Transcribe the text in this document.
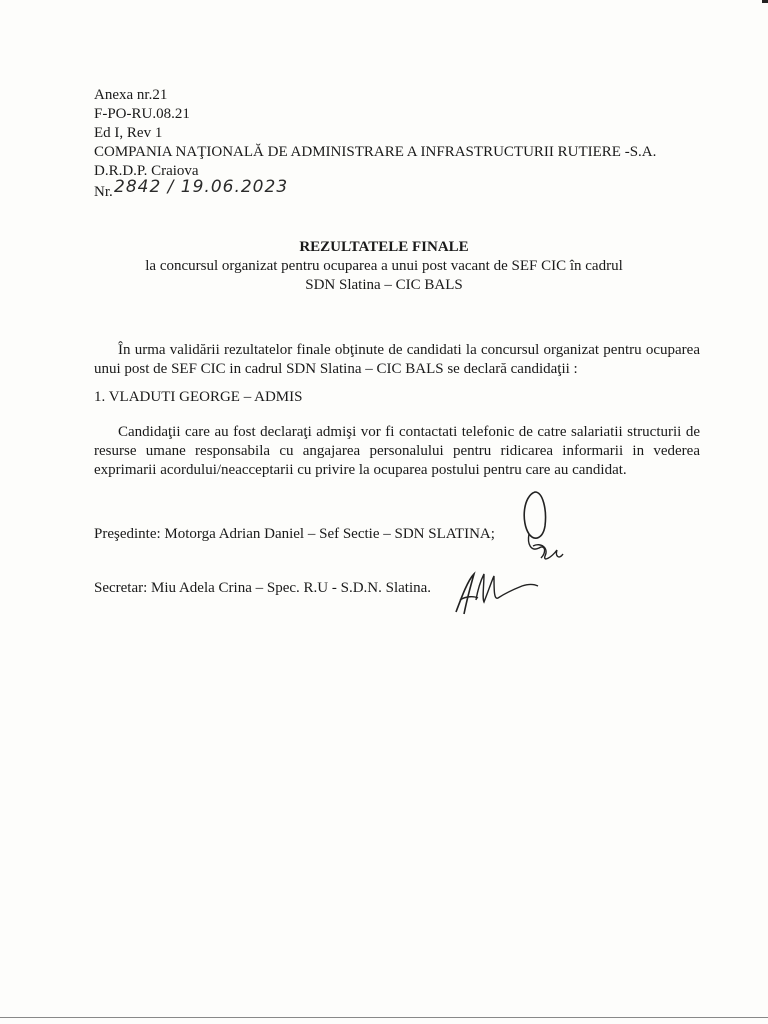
Anexa nr.21
F-PO-RU.08.21
Ed I, Rev 1
COMPANIA NAŢIONALĂ DE ADMINISTRARE A INFRASTRUCTURII RUTIERE -S.A.
D.R.D.P. Craiova
Nr. 2842 / 19.06.2023
REZULTATELE FINALE
la concursul organizat pentru ocuparea a unui post vacant de SEF CIC în cadrul
SDN Slatina – CIC BALS
În urma validării rezultatelor finale obţinute de candidati la concursul organizat pentru ocuparea unui post de SEF CIC in cadrul SDN Slatina – CIC BALS se declară candidaţii :
1. VLADUTI GEORGE – ADMIS
Candidaţii care au fost declaraţi admişi vor fi contactati telefonic de catre salariatii structurii de resurse umane responsabila cu angajarea personalului pentru ridicarea informarii in vederea exprimarii acordului/neacceptarii cu privire la ocuparea postului pentru care au candidat.
Preşedinte: Motorga Adrian Daniel – Sef Sectie – SDN SLATINA;
Secretar: Miu Adela Crina – Spec. R.U - S.D.N. Slatina.
